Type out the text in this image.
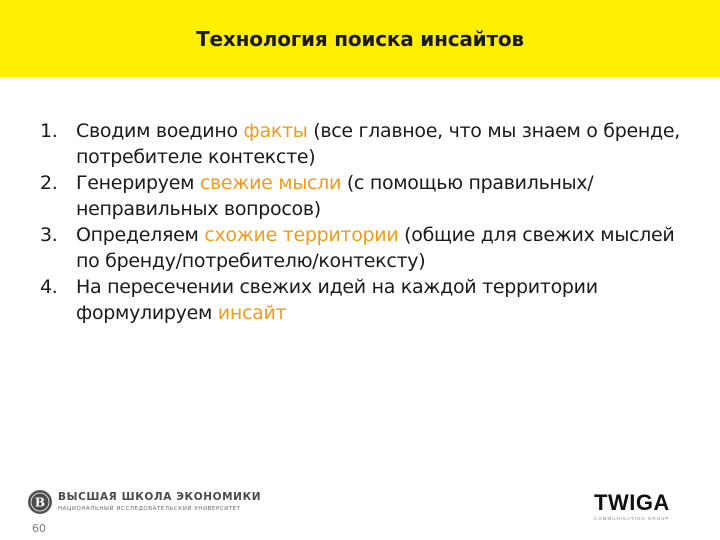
Технология поиска инсайтов
1. Сводим воедино факты (все главное, что мы знаем о бренде, потребителе контексте)
2. Генерируем свежие мысли (с помощью правильных/неправильных вопросов)
3. Определяем схожие территории (общие для свежих мыслей по бренду/потребителю/контексту)
4. На пересечении свежих идей на каждой территории формулируем инсайт
В ВЫСШАЯ ШКОЛА ЭКОНОМИКИ
НАЦИОНАЛЬНЫЙ ИССЛЕДОВАТЕЛЬСКИЙ УНИВЕРСИТЕТ
60
TWIGA
COMMUNICATION GROUP
